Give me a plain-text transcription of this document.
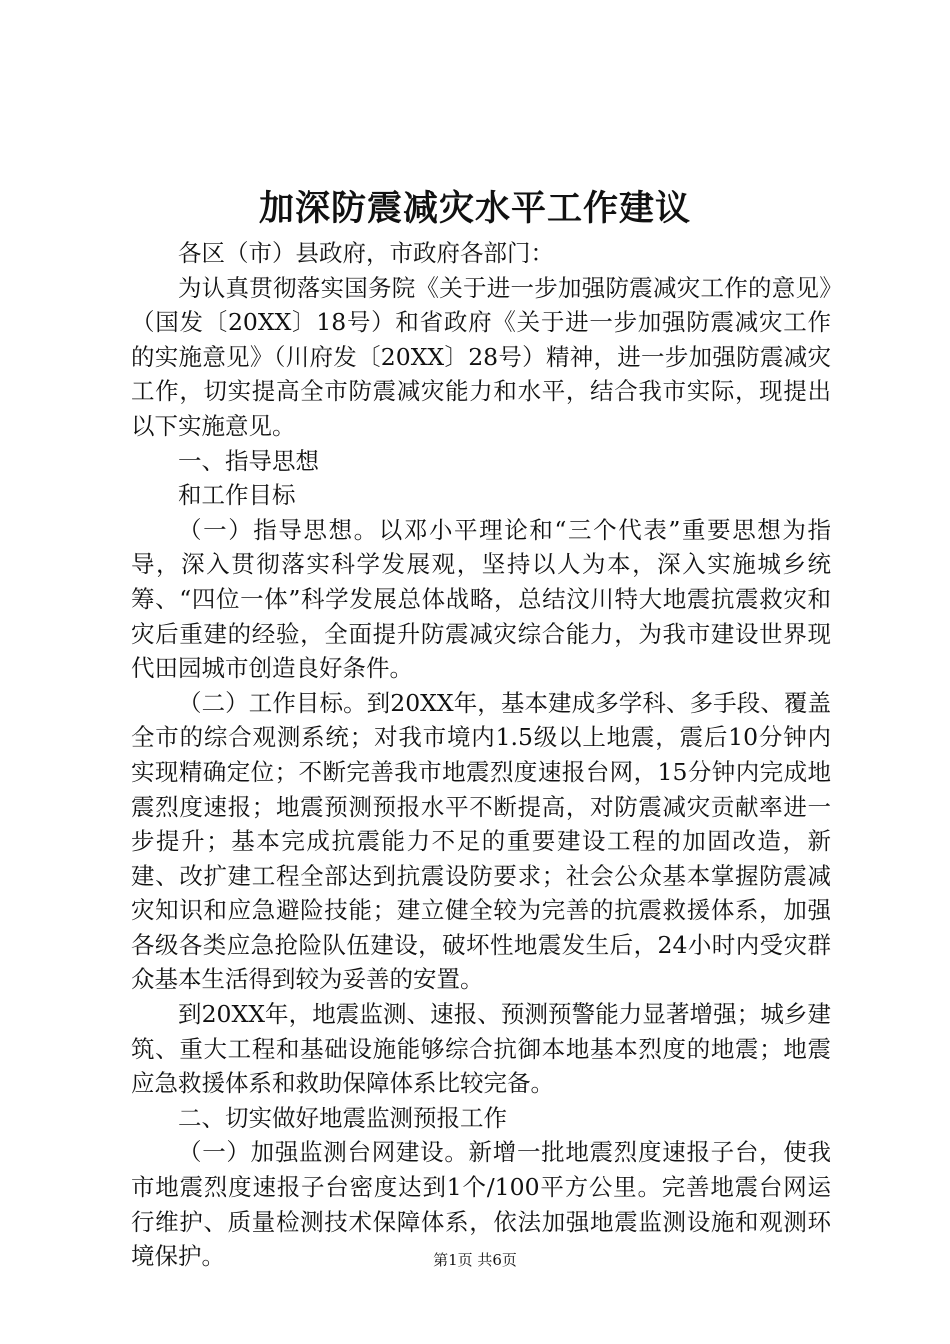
加深防震减灾水平工作建议

各区（市）县政府，市政府各部门：

为认真贯彻落实国务院《关于进一步加强防震减灾工作的意见》（国发〔20XX〕18号）和省政府《关于进一步加强防震减灾工作的实施意见》（川府发〔20XX〕28号）精神，进一步加强防震减灾工作，切实提高全市防震减灾能力和水平，结合我市实际，现提出以下实施意见。

一、指导思想

和工作目标

（一）指导思想。以邓小平理论和“三个代表”重要思想为指导，深入贯彻落实科学发展观，坚持以人为本，深入实施城乡统筹、“四位一体”科学发展总体战略，总结汶川特大地震抗震救灾和灾后重建的经验，全面提升防震减灾综合能力，为我市建设世界现代田园城市创造良好条件。

（二）工作目标。到20XX年，基本建成多学科、多手段、覆盖全市的综合观测系统；对我市境内1.5级以上地震，震后10分钟内实现精确定位；不断完善我市地震烈度速报台网，15分钟内完成地震烈度速报；地震预测预报水平不断提高，对防震减灾贡献率进一步提升；基本完成抗震能力不足的重要建设工程的加固改造，新建、改扩建工程全部达到抗震设防要求；社会公众基本掌握防震减灾知识和应急避险技能；建立健全较为完善的抗震救援体系，加强各级各类应急抢险队伍建设，破坏性地震发生后，24小时内受灾群众基本生活得到较为妥善的安置。

到20XX年，地震监测、速报、预测预警能力显著增强；城乡建筑、重大工程和基础设施能够综合抗御本地基本烈度的地震；地震应急救援体系和救助保障体系比较完备。

二、切实做好地震监测预报工作

（一）加强监测台网建设。新增一批地震烈度速报子台，使我市地震烈度速报子台密度达到1个/100平方公里。完善地震台网运行维护、质量检测技术保障体系，依法加强地震监测设施和观测环境保护。	第1页 共6页
